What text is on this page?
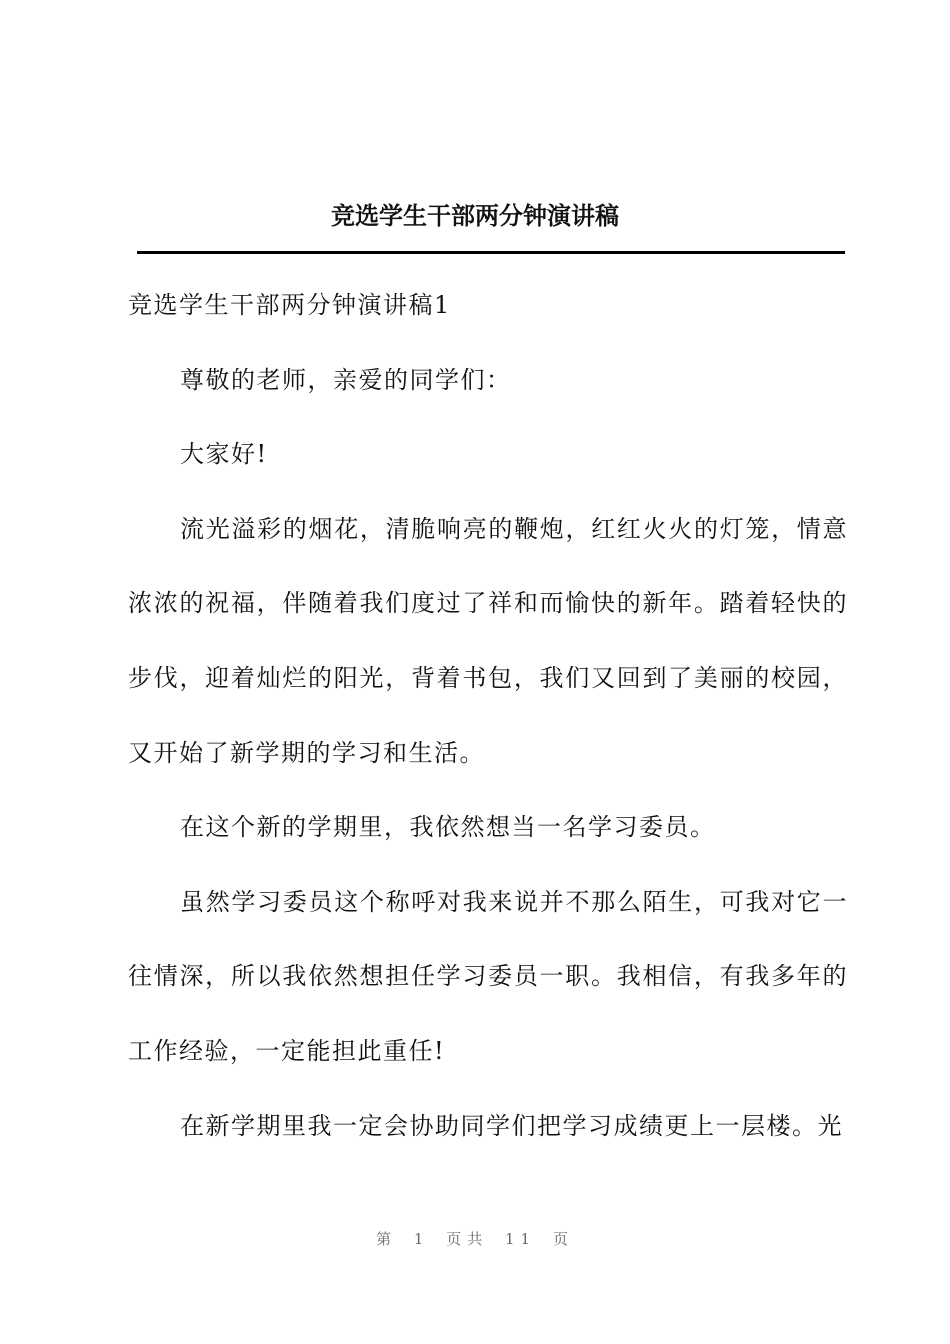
竞选学生干部两分钟演讲稿

竞选学生干部两分钟演讲稿1

尊敬的老师，亲爱的同学们：

大家好!

流光溢彩的烟花，清脆响亮的鞭炮，红红火火的灯笼，情意浓浓的祝福，伴随着我们度过了祥和而愉快的新年。踏着轻快的步伐，迎着灿烂的阳光，背着书包，我们又回到了美丽的校园，又开始了新学期的学习和生活。

在这个新的学期里，我依然想当一名学习委员。

虽然学习委员这个称呼对我来说并不那么陌生，可我对它一往情深，所以我依然想担任学习委员一职。我相信，有我多年的工作经验，一定能担此重任!

在新学期里我一定会协助同学们把学习成绩更上一层楼。光

第 1 页共 11 页
